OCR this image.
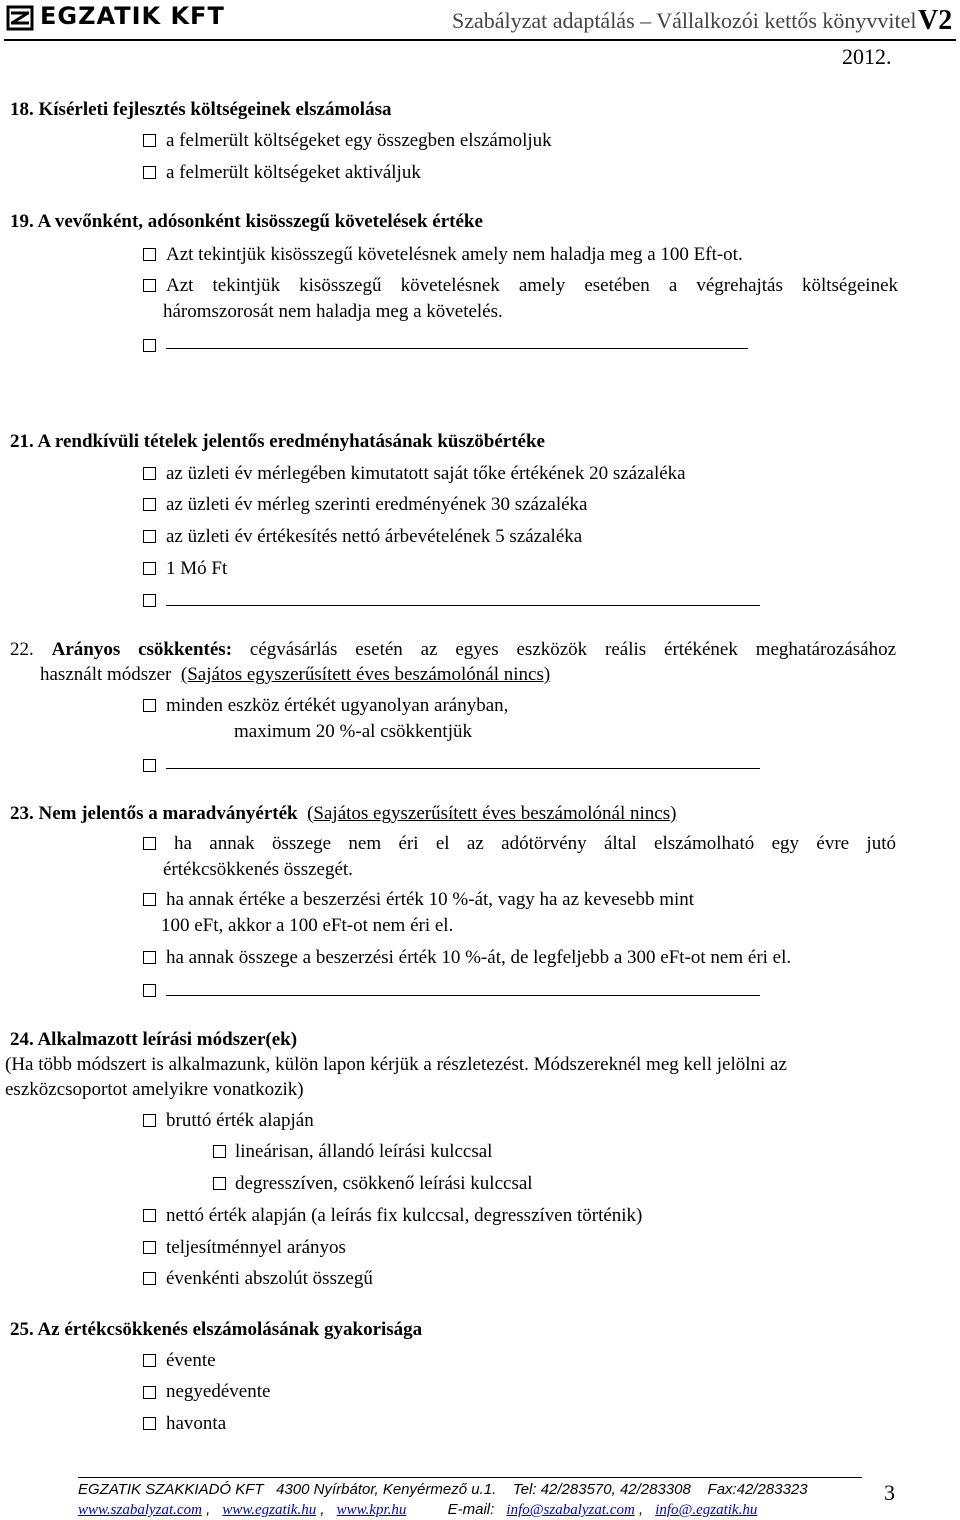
EGZATIK KFT	Szabályzat adaptálás – Vállalkozói kettős könyvvitel V2
2012.
18. Kísérleti fejlesztés költségeinek elszámolása
a felmerült költségeket egy összegben elszámoljuk
a felmerült költségeket aktiváljuk
19. A vevőnként, adósonként kisösszegű követelések értéke
Azt tekintjük kisösszegű követelésnek amely nem haladja meg a 100 Eft-ot.
Azt tekintjük kisösszegű követelésnek amely esetében a végrehajtás költségeinek
háromszorosát nem haladja meg a követelés.
21. A rendkívüli tételek jelentős eredményhatásának küszöbértéke
az üzleti év mérlegében kimutatott saját tőke értékének 20 százaléka
az üzleti év mérleg szerinti eredményének 30 százaléka
az üzleti év értékesítés nettó árbevételének 5 százaléka
1 Mó Ft
22. Arányos csökkentés: cégvásárlás esetén az egyes eszközök reális értékének meghatározásához
használt módszer (Sajátos egyszerűsített éves beszámolónál nincs)
minden eszköz értékét ugyanolyan arányban,
maximum 20 %-al csökkentjük
23. Nem jelentős a maradványérték (Sajátos egyszerűsített éves beszámolónál nincs)
ha annak összege nem éri el az adótörvény által elszámolható egy évre jutó
értékcsökkenés összegét.
ha annak értéke a beszerzési érték 10 %-át, vagy ha az kevesebb mint
100 eFt, akkor a 100 eFt-ot nem éri el.
ha annak összege a beszerzési érték 10 %-át, de legfeljebb a 300 eFt-ot nem éri el.
24. Alkalmazott leírási módszer(ek)
(Ha több módszert is alkalmazunk, külön lapon kérjük a részletezést. Módszereknél meg kell jelölni az
eszközcsoportot amelyikre vonatkozik)
bruttó érték alapján
lineárisan, állandó leírási kulccsal
degresszíven, csökkenő leírási kulccsal
nettó érték alapján (a leírás fix kulccsal, degresszíven történik)
teljesítménnyel arányos
évenkénti abszolút összegű
25. Az értékcsökkenés elszámolásának gyakorisága
évente
negyedévente
havonta
EGZATIK SZAKKIADÓ KFT 4300 Nyírbátor, Kenyérmező u.1. Tel: 42/283570, 42/283308 Fax:42/283323
www.szabalyzat.com ,   www.egzatik.hu ,   www.kpr.hu	E-mail: info@szabalyzat.com ,   info@.egzatik.hu
3
